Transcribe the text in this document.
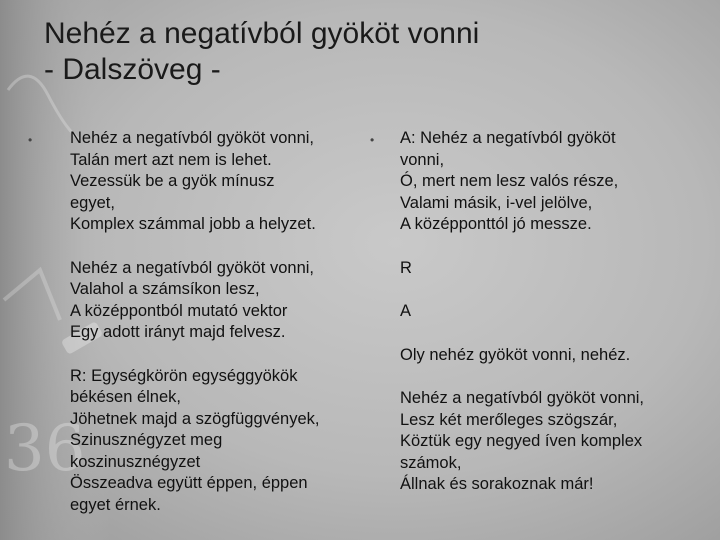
36
Nehéz a negatívból gyököt vonni
- Dalszöveg -
• Nehéz a negatívból gyököt vonni,
Talán mert azt nem is lehet.
Vezessük be a gyök mínusz
egyet,
Komplex számmal jobb a helyzet.

Nehéz a negatívból gyököt vonni,
Valahol a számsíkon lesz,
A középpontból mutató vektor
Egy adott irányt majd felvesz.

R: Egységkörön egységgyökök
békésen élnek,
Jöhetnek majd a szögfüggvények,
Szinusznégyzet meg
koszinusznégyzet
Összeadva együtt éppen, éppen
egyet érnek.

• A: Nehéz a negatívból gyököt
vonni,
Ó, mert nem lesz valós része,
Valami másik, i-vel jelölve,
A középponttól jó messze.

R

A

Oly nehéz gyököt vonni, nehéz.

Nehéz a negatívból gyököt vonni,
Lesz két merőleges szögszár,
Köztük egy negyed íven komplex
számok,
Állnak és sorakoznak már!
